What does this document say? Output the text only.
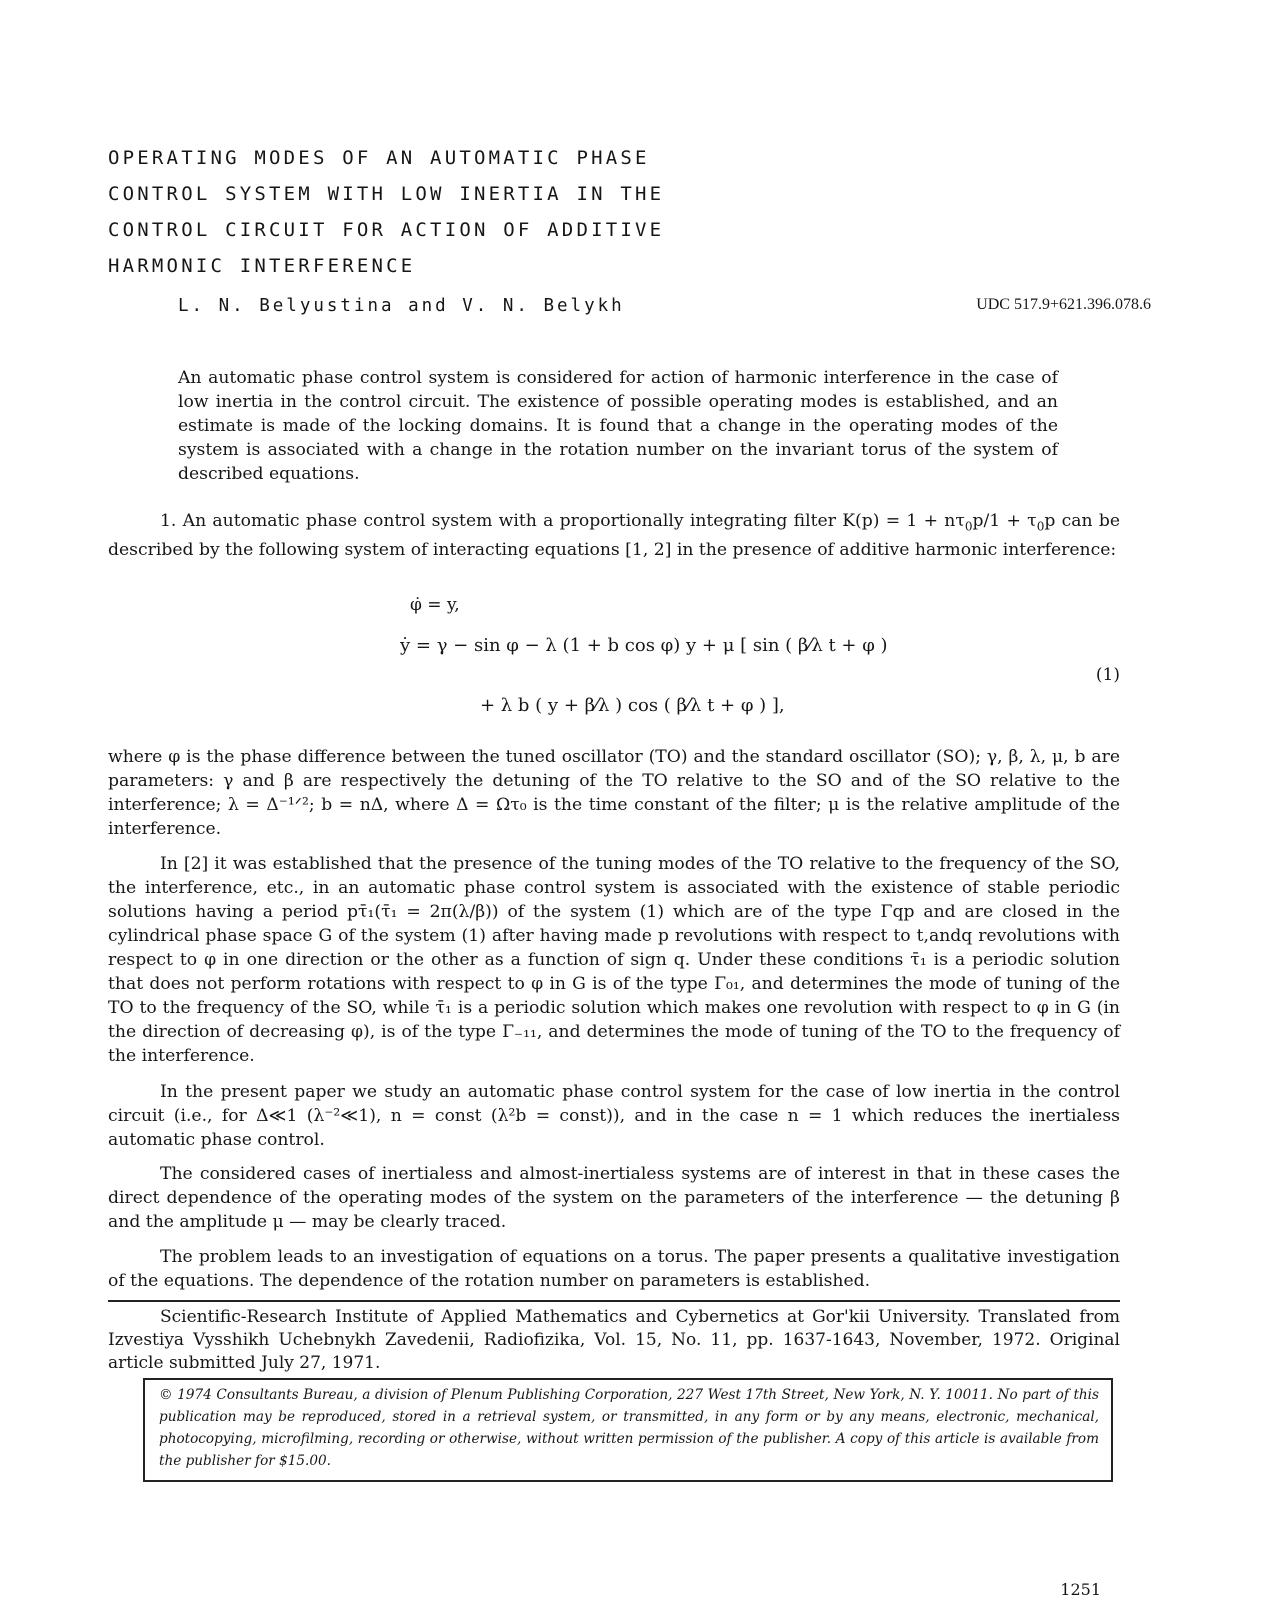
OPERATING MODES OF AN AUTOMATIC PHASE
CONTROL SYSTEM WITH LOW INERTIA IN THE
CONTROL CIRCUIT FOR ACTION OF ADDITIVE
HARMONIC INTERFERENCE
L. N. Belyustina and V. N. Belykh	UDC 517.9+621.396.078.6
An automatic phase control system is considered for action of harmonic interference in the case of low inertia in the control circuit. The existence of possible operating modes is established, and an estimate is made of the locking domains. It is found that a change in the operating modes of the system is associated with a change in the rotation number on the invariant torus of the system of described equations.
1. An automatic phase control system with a proportionally integrating filter $K(p) = 1 + n\tau_0p/1 + \tau_0p$ can be described by the following system of interacting equations [1, 2] in the presence of additive harmonic interference:
φ̇ = y,
ẏ = γ − sin φ − λ (1 + b cos φ) y + μ [ sin ( β⁄λ t + φ )
+ λ b ( y + β⁄λ ) cos ( β⁄λ t + φ ) ],
(1)
where φ is the phase difference between the tuned oscillator (TO) and the standard oscillator (SO); γ, β, λ, μ, b are parameters: γ and β are respectively the detuning of the TO relative to the SO and of the SO relative to the interference; λ = Δ⁻¹ᐟ²; b = nΔ, where Δ = Ωτ₀ is the time constant of the filter; μ is the relative amplitude of the interference.
In [2] it was established that the presence of the tuning modes of the TO relative to the frequency of the SO, the interference, etc., in an automatic phase control system is associated with the existence of stable periodic solutions having a period pτ̄₁(τ̄₁ = 2π(λ/β)) of the system (1) which are of the type Γqp and are closed in the cylindrical phase space G of the system (1) after having made p revolutions with respect to t,andq revolutions with respect to φ in one direction or the other as a function of sign q. Under these conditions τ̄₁ is a periodic solution that does not perform rotations with respect to φ in G is of the type Γ₀₁, and determines the mode of tuning of the TO to the frequency of the SO, while τ̄₁ is a periodic solution which makes one revolution with respect to φ in G (in the direction of decreasing φ), is of the type Γ₋₁₁, and determines the mode of tuning of the TO to the frequency of the interference.
In the present paper we study an automatic phase control system for the case of low inertia in the control circuit (i.e., for Δ≪1 (λ⁻²≪1), n = const (λ²b = const)), and in the case n = 1 which reduces the inertialess automatic phase control.
The considered cases of inertialess and almost-inertialess systems are of interest in that in these cases the direct dependence of the operating modes of the system on the parameters of the interference — the detuning β and the amplitude μ — may be clearly traced.
The problem leads to an investigation of equations on a torus. The paper presents a qualitative investigation of the equations. The dependence of the rotation number on parameters is established.
Scientific-Research Institute of Applied Mathematics and Cybernetics at Gor'kii University. Translated from Izvestiya Vysshikh Uchebnykh Zavedenii, Radiofizika, Vol. 15, No. 11, pp. 1637-1643, November, 1972. Original article submitted July 27, 1971.
© 1974 Consultants Bureau, a division of Plenum Publishing Corporation, 227 West 17th Street, New York, N. Y. 10011. No part of this publication may be reproduced, stored in a retrieval system, or transmitted, in any form or by any means, electronic, mechanical, photocopying, microfilming, recording or otherwise, without written permission of the publisher. A copy of this article is available from the publisher for $15.00.
1251
